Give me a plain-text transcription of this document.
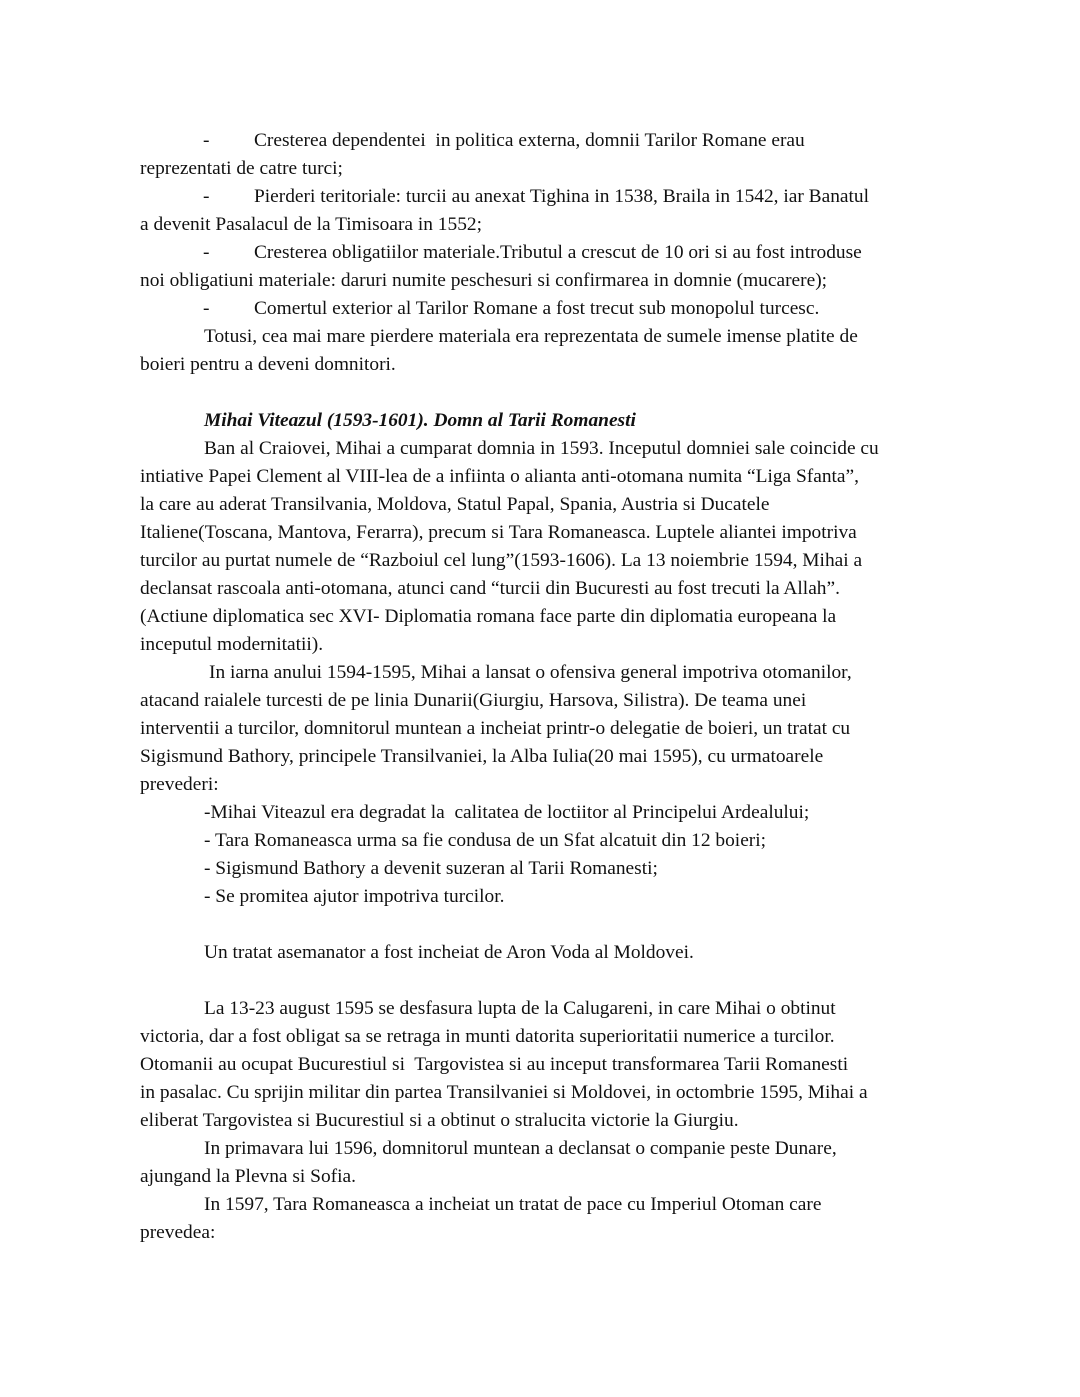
- Cresterea dependentei  in politica externa, domnii Tarilor Romane erau
reprezentati de catre turci;
- Pierderi teritoriale: turcii au anexat Tighina in 1538, Braila in 1542, iar Banatul
a devenit Pasalacul de la Timisoara in 1552;
- Cresterea obligatiilor materiale.Tributul a crescut de 10 ori si au fost introduse
noi obligatiuni materiale: daruri numite peschesuri si confirmarea in domnie (mucarere);
- Comertul exterior al Tarilor Romane a fost trecut sub monopolul turcesc.
Totusi, cea mai mare pierdere materiala era reprezentata de sumele imense platite de
boieri pentru a deveni domnitori.
Mihai Viteazul (1593-1601). Domn al Tarii Romanesti
Ban al Craiovei, Mihai a cumparat domnia in 1593. Inceputul domniei sale coincide cu
intiative Papei Clement al VIII-lea de a infiinta o alianta anti-otomana numita “Liga Sfanta”,
la care au aderat Transilvania, Moldova, Statul Papal, Spania, Austria si Ducatele
Italiene(Toscana, Mantova, Ferarra), precum si Tara Romaneasca. Luptele aliantei impotriva
turcilor au purtat numele de “Razboiul cel lung”(1593-1606). La 13 noiembrie 1594, Mihai a
declansat rascoala anti-otomana, atunci cand “turcii din Bucuresti au fost trecuti la Allah”.
(Actiune diplomatica sec XVI- Diplomatia romana face parte din diplomatia europeana la
inceputul modernitatii).
In iarna anului 1594-1595, Mihai a lansat o ofensiva general impotriva otomanilor,
atacand raialele turcesti de pe linia Dunarii(Giurgiu, Harsova, Silistra). De teama unei
interventii a turcilor, domnitorul muntean a incheiat printr-o delegatie de boieri, un tratat cu
Sigismund Bathory, principele Transilvaniei, la Alba Iulia(20 mai 1595), cu urmatoarele
prevederi:
-Mihai Viteazul era degradat la  calitatea de loctiitor al Principelui Ardealului;
- Tara Romaneasca urma sa fie condusa de un Sfat alcatuit din 12 boieri;
- Sigismund Bathory a devenit suzeran al Tarii Romanesti;
- Se promitea ajutor impotriva turcilor.
Un tratat asemanator a fost incheiat de Aron Voda al Moldovei.
La 13-23 august 1595 se desfasura lupta de la Calugareni, in care Mihai o obtinut
victoria, dar a fost obligat sa se retraga in munti datorita superioritatii numerice a turcilor.
Otomanii au ocupat Bucurestiul si  Targovistea si au inceput transformarea Tarii Romanesti
in pasalac. Cu sprijin militar din partea Transilvaniei si Moldovei, in octombrie 1595, Mihai a
eliberat Targovistea si Bucurestiul si a obtinut o stralucita victorie la Giurgiu.
In primavara lui 1596, domnitorul muntean a declansat o companie peste Dunare,
ajungand la Plevna si Sofia.
In 1597, Tara Romaneasca a incheiat un tratat de pace cu Imperiul Otoman care
prevedea:
